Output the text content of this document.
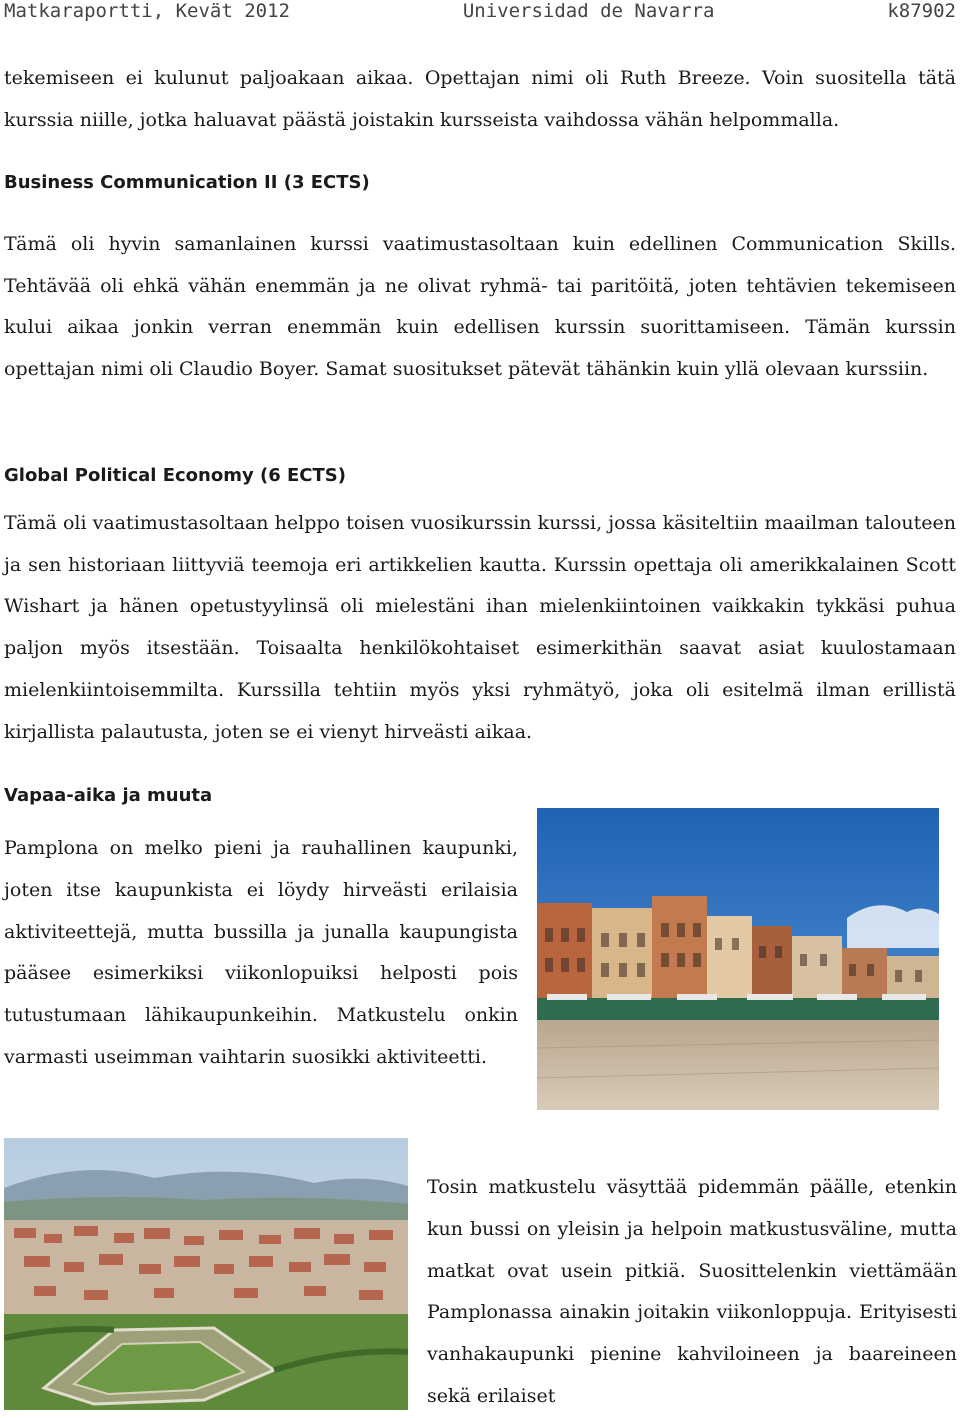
Matkaraportti, Kevät 2012	Universidad de Navarra	k87902

tekemiseen ei kulunut paljoakaan aikaa. Opettajan nimi oli Ruth Breeze. Voin suositella tätä kurssia niille, jotka haluavat päästä joistakin kursseista vaihdossa vähän helpommalla.

Business Communication II (3 ECTS)

Tämä oli hyvin samanlainen kurssi vaatimustasoltaan kuin edellinen Communication Skills. Tehtävää oli ehkä vähän enemmän ja ne olivat ryhmä- tai paritöitä, joten tehtävien tekemiseen kului aikaa jonkin verran enemmän kuin edellisen kurssin suorittamiseen. Tämän kurssin opettajan nimi oli Claudio Boyer. Samat suositukset pätevät tähänkin kuin yllä olevaan kurssiin.

Global Political Economy (6 ECTS)

Tämä oli vaatimustasoltaan helppo toisen vuosikurssin kurssi, jossa käsiteltiin maailman talouteen ja sen historiaan liittyviä teemoja eri artikkelien kautta. Kurssin opettaja oli amerikkalainen Scott Wishart ja hänen opetustyylinsä oli mielestäni ihan mielenkiintoinen vaikkakin tykkäsi puhua paljon myös itsestään. Toisaalta henkilökohtaiset esimerkithän saavat asiat kuulostamaan mielenkiintoisemmilta. Kurssilla tehtiin myös yksi ryhmätyö, joka oli esitelmä ilman erillistä kirjallista palautusta, joten se ei vienyt hirveästi aikaa.

Vapaa-aika ja muuta

Pamplona on melko pieni ja rauhallinen kaupunki, joten itse kaupunkista ei löydy hirveästi erilaisia aktiviteettejä, mutta bussilla ja junalla kaupungista pääsee esimerkiksi viikonlopuiksi helposti pois tutustumaan lähikaupunkeihin. Matkustelu onkin varmasti useimman vaihtarin suosikki aktiviteetti.

Tosin matkustelu väsyttää pidemmän päälle, etenkin kun bussi on yleisin ja helpoin matkustusväline, mutta matkat ovat usein pitkiä. Suosittelenkin viettämään Pamplonassa ainakin joitakin viikonloppuja. Erityisesti vanhakaupunki pienine kahviloineen ja baareineen sekä erilaiset
